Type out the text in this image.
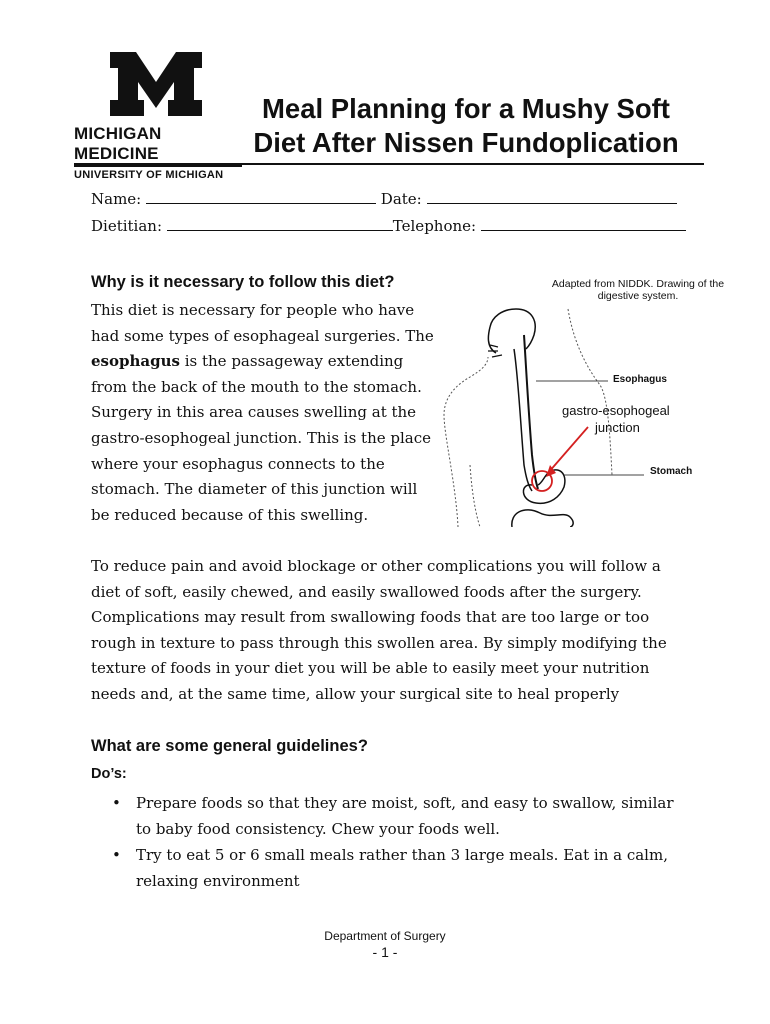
MICHIGAN MEDICINE
UNIVERSITY OF MICHIGAN
Meal Planning for a Mushy Soft
Diet After Nissen Fundoplication
Name:	Date:
Dietitian:	Telephone:
Why is it necessary to follow this diet?

This diet is necessary for people who have had some types of esophageal surgeries. The esophagus is the passageway extending from the back of the mouth to the stomach. Surgery in this area causes swelling at the gastro-esophogeal junction. This is the place where your esophagus connects to the stomach. The diameter of this junction will be reduced because of this swelling.

Adapted from NIDDK. Drawing of the digestive system.
Esophagus
gastro-esophogeal
junction
Stomach

To reduce pain and avoid blockage or other complications you will follow a diet of soft, easily chewed, and easily swallowed foods after the surgery. Complications may result from swallowing foods that are too large or too rough in texture to pass through this swollen area. By simply modifying the texture of foods in your diet you will be able to easily meet your nutrition needs and, at the same time, allow your surgical site to heal properly

What are some general guidelines?
Do’s:
• Prepare foods so that they are moist, soft, and easy to swallow, similar to baby food consistency. Chew your foods well.
• Try to eat 5 or 6 small meals rather than 3 large meals. Eat in a calm, relaxing environment
Department of Surgery
- 1 -
